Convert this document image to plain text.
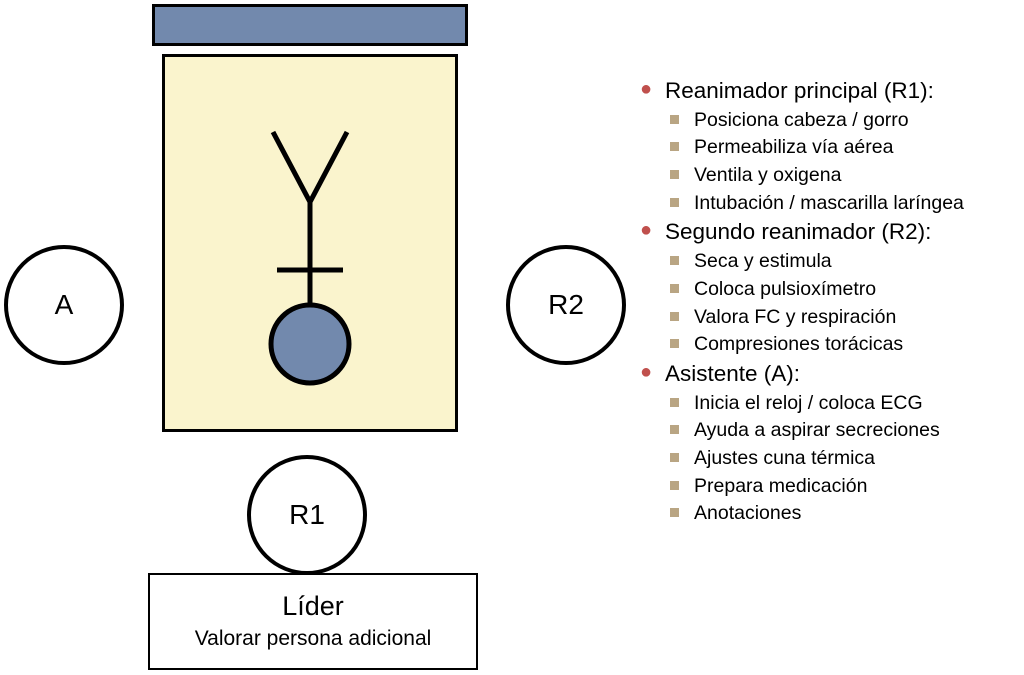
A	R2
R1
Líder
Valorar persona adicional
● Reanimador principal (R1):
Posiciona cabeza / gorro
Permeabiliza vía aérea
Ventila y oxigena
Intubación / mascarilla laríngea
● Segundo reanimador (R2):
Seca y estimula
Coloca pulsioxímetro
Valora FC y respiración
Compresiones torácicas
● Asistente (A):
Inicia el reloj / coloca ECG
Ayuda a aspirar secreciones
Ajustes cuna térmica
Prepara medicación
Anotaciones
